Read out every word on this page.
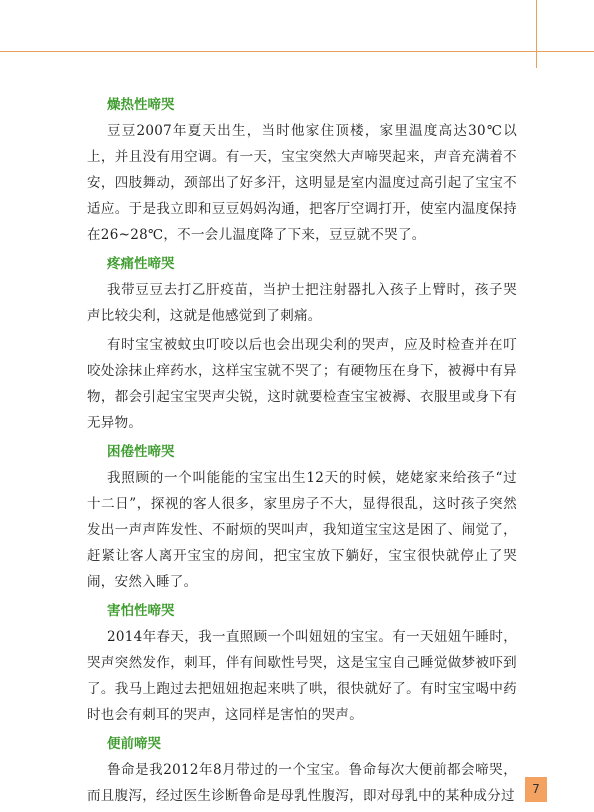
燥热性啼哭

豆豆2007年夏天出生，当时他家住顶楼，家里温度高达30℃以上，并且没有用空调。有一天，宝宝突然大声啼哭起来，声音充满着不安，四肢舞动，颈部出了好多汗，这明显是室内温度过高引起了宝宝不适应。于是我立即和豆豆妈妈沟通，把客厅空调打开，使室内温度保持在26~28℃，不一会儿温度降了下来，豆豆就不哭了。

疼痛性啼哭

我带豆豆去打乙肝疫苗，当护士把注射器扎入孩子上臂时，孩子哭声比较尖利，这就是他感觉到了刺痛。

有时宝宝被蚊虫叮咬以后也会出现尖利的哭声，应及时检查并在叮咬处涂抹止痒药水，这样宝宝就不哭了；有硬物压在身下，被褥中有异物，都会引起宝宝哭声尖锐，这时就要检查宝宝被褥、衣服里或身下有无异物。

困倦性啼哭

我照顾的一个叫能能的宝宝出生12天的时候，姥姥家来给孩子“过十二日”，探视的客人很多，家里房子不大，显得很乱，这时孩子突然发出一声声阵发性、不耐烦的哭叫声，我知道宝宝这是困了、闹觉了，赶紧让客人离开宝宝的房间，把宝宝放下躺好，宝宝很快就停止了哭闹，安然入睡了。

害怕性啼哭

2014年春天，我一直照顾一个叫妞妞的宝宝。有一天妞妞午睡时，哭声突然发作，刺耳，伴有间歇性号哭，这是宝宝自己睡觉做梦被吓到了。我马上跑过去把妞妞抱起来哄了哄，很快就好了。有时宝宝喝中药时也会有刺耳的哭声，这同样是害怕的哭声。

便前啼哭

鲁命是我2012年8月带过的一个宝宝。鲁命每次大便前都会啼哭，而且腹泻，经过医生诊断鲁命是母乳性腹泻，即对母乳中的某种成分过	7
